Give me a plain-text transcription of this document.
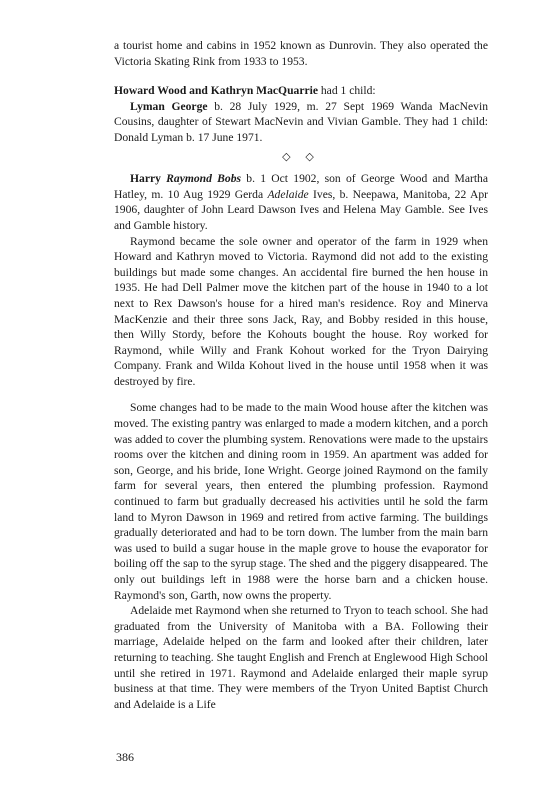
a tourist home and cabins in 1952 known as Dunrovin. They also operated the Victoria Skating Rink from 1933 to 1953.

Howard Wood and Kathryn MacQuarrie had 1 child:

Lyman George b. 28 July 1929, m. 27 Sept 1969 Wanda MacNevin Cousins, daughter of Stewart MacNevin and Vivian Gamble. They had 1 child: Donald Lyman b. 17 June 1971.

◇ ◇

Harry Raymond Bobs b. 1 Oct 1902, son of George Wood and Martha Hatley, m. 10 Aug 1929 Gerda Adelaide Ives, b. Neepawa, Manitoba, 22 Apr 1906, daughter of John Leard Dawson Ives and Helena May Gamble. See Ives and Gamble history.

Raymond became the sole owner and operator of the farm in 1929 when Howard and Kathryn moved to Victoria. Raymond did not add to the existing buildings but made some changes. An accidental fire burned the hen house in 1935. He had Dell Palmer move the kitchen part of the house in 1940 to a lot next to Rex Dawson's house for a hired man's residence. Roy and Minerva MacKenzie and their three sons Jack, Ray, and Bobby resided in this house, then Willy Stordy, before the Kohouts bought the house. Roy worked for Raymond, while Willy and Frank Kohout worked for the Tryon Dairying Company. Frank and Wilda Kohout lived in the house until 1958 when it was destroyed by fire.

Some changes had to be made to the main Wood house after the kitchen was moved. The existing pantry was enlarged to made a modern kitchen, and a porch was added to cover the plumbing system. Renovations were made to the upstairs rooms over the kitchen and dining room in 1959. An apartment was added for son, George, and his bride, Ione Wright. George joined Raymond on the family farm for several years, then entered the plumbing profession. Raymond continued to farm but gradually decreased his activities until he sold the farm land to Myron Dawson in 1969 and retired from active farming. The buildings gradually deteriorated and had to be torn down. The lumber from the main barn was used to build a sugar house in the maple grove to house the evaporator for boiling off the sap to the syrup stage. The shed and the piggery disappeared. The only out buildings left in 1988 were the horse barn and a chicken house. Raymond's son, Garth, now owns the property.

Adelaide met Raymond when she returned to Tryon to teach school. She had graduated from the University of Manitoba with a BA. Following their marriage, Adelaide helped on the farm and looked after their children, later returning to teaching. She taught English and French at Englewood High School until she retired in 1971. Raymond and Adelaide enlarged their maple syrup business at that time. They were members of the Tryon United Baptist Church and Adelaide is a Life

386
